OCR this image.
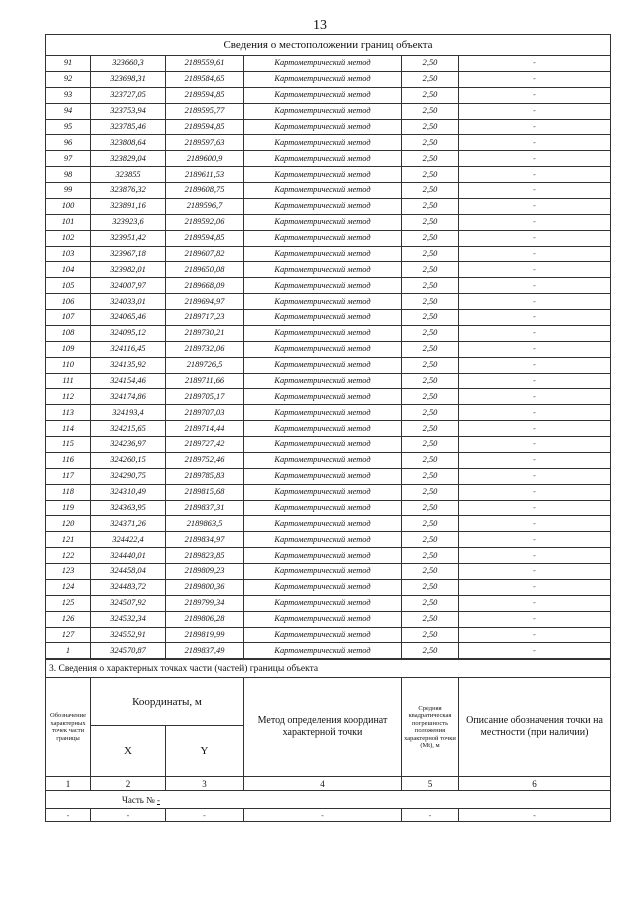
13
Сведения о местоположении границ объекта					
91	323660,3	2189559,61	Картометрический метод	2,50	-
92	323698,31	2189584,65	Картометрический метод	2,50	-
93	323727,05	2189594,85	Картометрический метод	2,50	-
94	323753,94	2189595,77	Картометрический метод	2,50	-
95	323785,46	2189594,85	Картометрический метод	2,50	-
96	323808,64	2189597,63	Картометрический метод	2,50	-
97	323829,04	2189600,9	Картометрический метод	2,50	-
98	323855	2189611,53	Картометрический метод	2,50	-
99	323876,32	2189608,75	Картометрический метод	2,50	-
100	323891,16	2189596,7	Картометрический метод	2,50	-
101	323923,6	2189592,06	Картометрический метод	2,50	-
102	323951,42	2189594,85	Картометрический метод	2,50	-
103	323967,18	2189607,82	Картометрический метод	2,50	-
104	323982,01	2189650,08	Картометрический метод	2,50	-
105	324007,97	2189668,09	Картометрический метод	2,50	-
106	324033,01	2189694,97	Картометрический метод	2,50	-
107	324065,46	2189717,23	Картометрический метод	2,50	-
108	324095,12	2189730,21	Картометрический метод	2,50	-
109	324116,45	2189732,06	Картометрический метод	2,50	-
110	324135,92	2189726,5	Картометрический метод	2,50	-
111	324154,46	2189711,66	Картометрический метод	2,50	-
112	324174,86	2189705,17	Картометрический метод	2,50	-
113	324193,4	2189707,03	Картометрический метод	2,50	-
114	324215,65	2189714,44	Картометрический метод	2,50	-
115	324236,97	2189727,42	Картометрический метод	2,50	-
116	324260,15	2189752,46	Картометрический метод	2,50	-
117	324290,75	2189785,83	Картометрический метод	2,50	-
118	324310,49	2189815,68	Картометрический метод	2,50	-
119	324363,95	2189837,31	Картометрический метод	2,50	-
120	324371,26	2189863,5	Картометрический метод	2,50	-
121	324422,4	2189834,97	Картометрический метод	2,50	-
122	324440,01	2189823,85	Картометрический метод	2,50	-
123	324458,04	2189809,23	Картометрический метод	2,50	-
124	324483,72	2189800,36	Картометрический метод	2,50	-
125	324507,92	2189799,34	Картометрический метод	2,50	-
126	324532,34	2189806,28	Картометрический метод	2,50	-
127	324552,91	2189819,99	Картометрический метод	2,50	-
1	324570,87	2189837,49	Картометрический метод	2,50	-
3. Сведения о характерных точках части (частей) границы объекта					
Обозначение характерных точек части границы	Координаты, м		Метод определения координат характерной точки	Средняя квадратическая погрешность положения характерной точки (Мt), м	Описание обозначения точки на местности (при наличии)
	X	Y			
1	2	3	4	5	6
Часть № -					
-	-	-	-	-	-
